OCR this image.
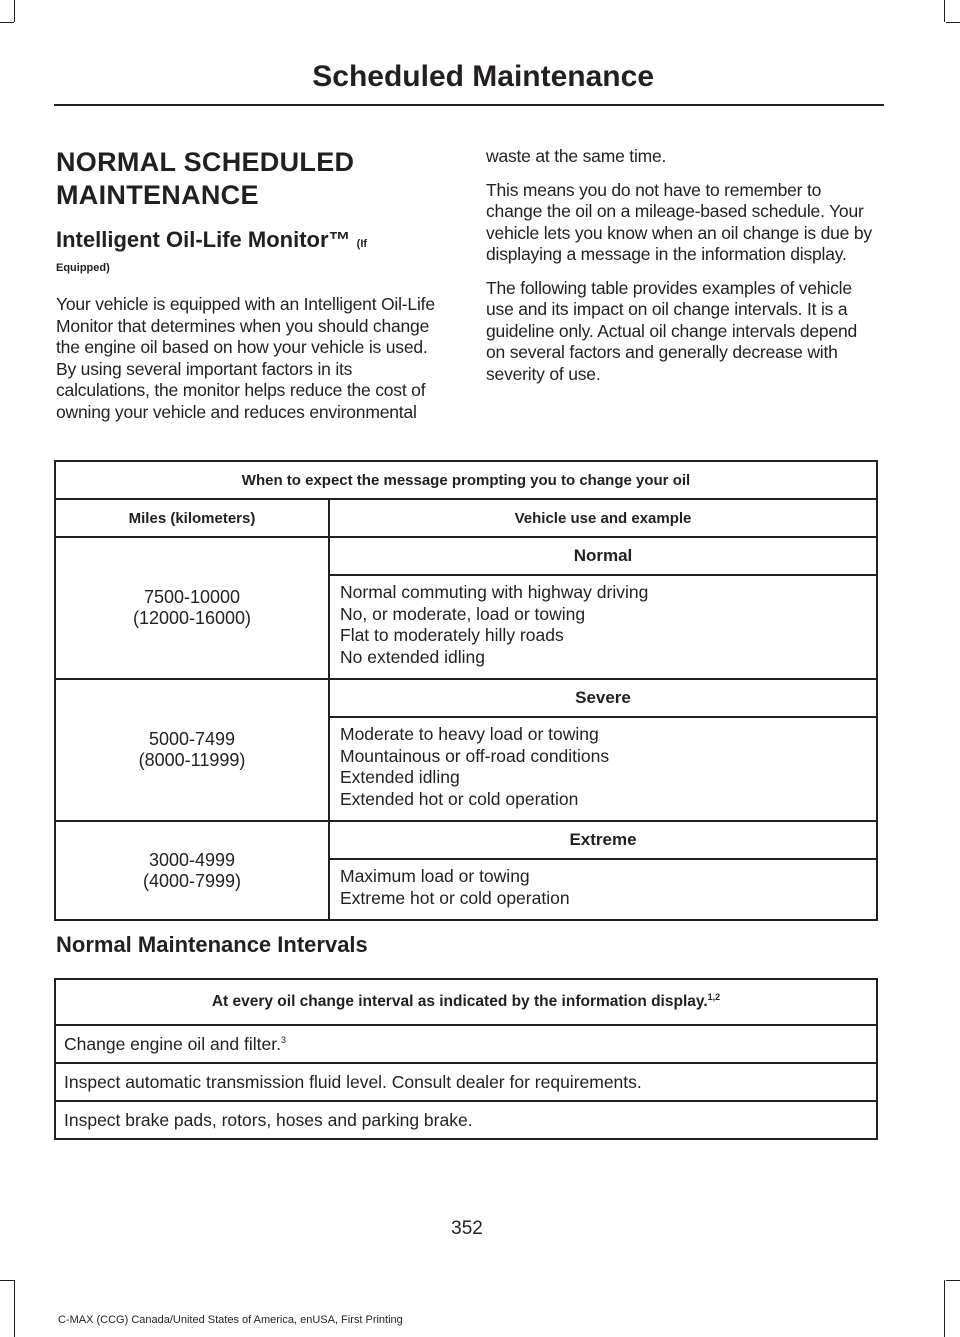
Scheduled Maintenance
NORMAL SCHEDULED
MAINTENANCE
Intelligent Oil-Life Monitor™ (If
Equipped)

Your vehicle is equipped with an Intelligent Oil-Life Monitor that determines when you should change the engine oil based on how your vehicle is used. By using several important factors in its calculations, the monitor helps reduce the cost of owning your vehicle and reduces environmental

waste at the same time.

This means you do not have to remember to change the oil on a mileage-based schedule. Your vehicle lets you know when an oil change is due by displaying a message in the information display.

The following table provides examples of vehicle use and its impact on oil change intervals. It is a guideline only. Actual oil change intervals depend on several factors and generally decrease with severity of use.

When to expect the message prompting you to change your oil	
Miles (kilometers)	Vehicle use and example

7500-10000
(12000-16000)	Normal

	Normal commuting with highway driving
No, or moderate, load or towing
Flat to moderately hilly roads
No extended idling

5000-7499
(8000-11999)	Severe

	Moderate to heavy load or towing
Mountainous or off-road conditions
Extended idling
Extended hot or cold operation

3000-4999
(4000-7999)	Extreme

	Maximum load or towing
Extreme hot or cold operation
Normal Maintenance Intervals
At every oil change interval as indicated by the information display.$^{1,2}$
Change engine oil and filter.$^3$
Inspect automatic transmission fluid level. Consult dealer for requirements.
Inspect brake pads, rotors, hoses and parking brake.
352
C-MAX (CCG) Canada/United States of America, enUSA, First Printing
